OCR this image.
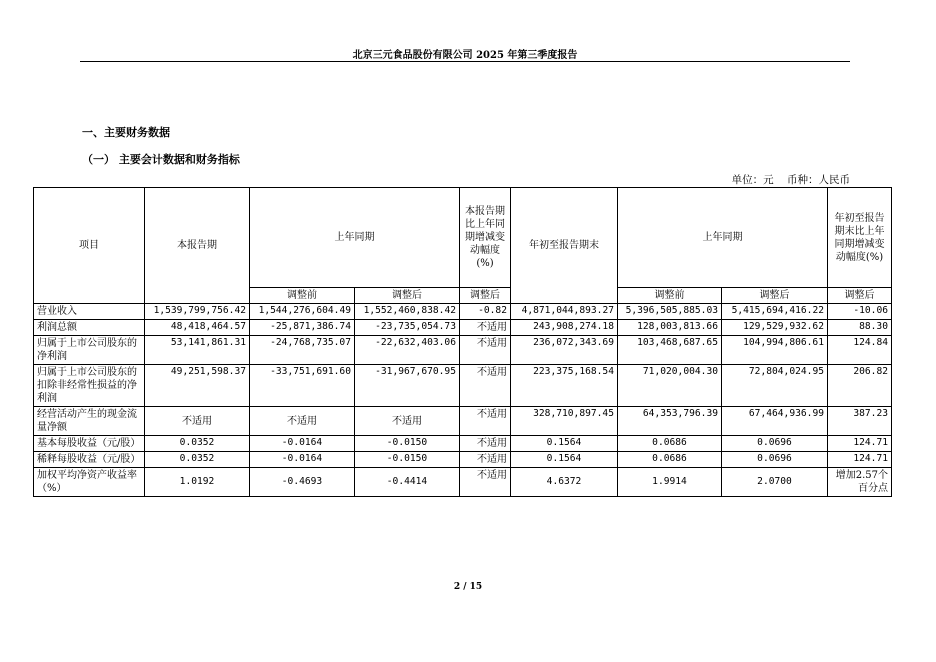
北京三元食品股份有限公司 2025 年第三季度报告
一、主要财务数据
（一） 主要会计数据和财务指标
单位：元 币种：人民币
项目	本报告期	上年同期		本报告期比上年同期增减变动幅度(%)	年初至报告期末	上年同期		年初至报告期末比上年同期增减变动幅度(%)
		调整前	调整后	调整后		调整前	调整后	调整后
营业收入	1,539,799,756.42	1,544,276,604.49	1,552,460,838.42	-0.82	4,871,044,893.27	5,396,505,885.03	5,415,694,416.22	-10.06
利润总额	48,418,464.57	-25,871,386.74	-23,735,054.73	不适用	243,908,274.18	128,003,813.66	129,529,932.62	88.30
归属于上市公司股东的净利润	53,141,861.31	-24,768,735.07	-22,632,403.06	不适用	236,072,343.69	103,468,687.65	104,994,806.61	124.84
归属于上市公司股东的扣除非经常性损益的净利润	49,251,598.37	-33,751,691.60	-31,967,670.95	不适用	223,375,168.54	71,020,004.30	72,804,024.95	206.82
经营活动产生的现金流量净额	不适用	不适用	不适用	不适用	328,710,897.45	64,353,796.39	67,464,936.99	387.23
基本每股收益（元/股）	0.0352	-0.0164	-0.0150	不适用	0.1564	0.0686	0.0696	124.71
稀释每股收益（元/股）	0.0352	-0.0164	-0.0150	不适用	0.1564	0.0686	0.0696	124.71
加权平均净资产收益率（%）	1.0192	-0.4693	-0.4414	不适用	4.6372	1.9914	2.0700	增加2.57个百分点
2 / 15
